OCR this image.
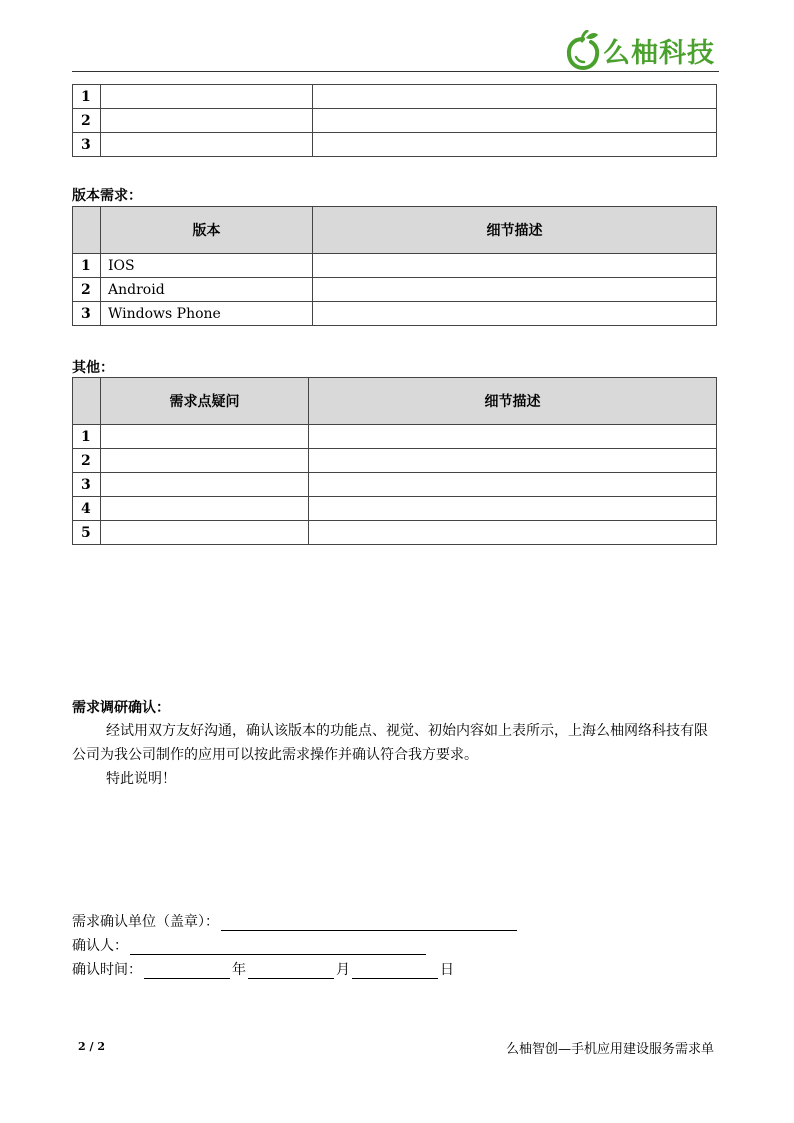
么柚科技
1		
2		
3		
版本需求：
	版本	细节描述
1	IOS	
2	Android	
3	Windows Phone	
其他：
	需求点疑问	细节描述
1		
2		
3		
4		
5		
需求调研确认：
经试用双方友好沟通，确认该版本的功能点、视觉、初始内容如上表所示，上海么柚网络科技有限公司为我公司制作的应用可以按此需求操作并确认符合我方要求。
特此说明！
需求确认单位（盖章）：
确认人：
确认时间：	年	月	日
2 / 2	么柚智创—手机应用建设服务需求单
